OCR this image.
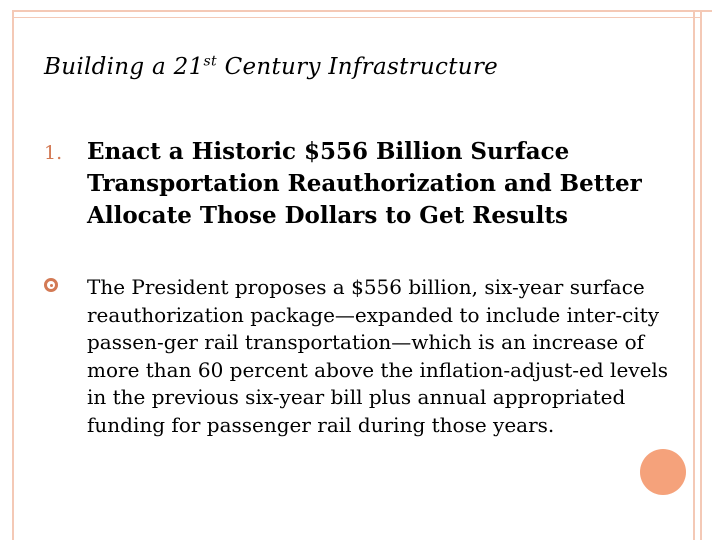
Building a 21st Century Infrastructure
1.	Enact a Historic $556 Billion Surface Transportation Reauthorization and Better Allocate Those Dollars to Get Results
The President proposes a $556 billion, six-year surface reauthorization package—expanded to include inter-city passen-ger rail transportation—which is an increase of more than 60 percent above the inflation-adjust-ed levels in the previous six-year bill plus annual appropriated funding for passenger rail during those years.
